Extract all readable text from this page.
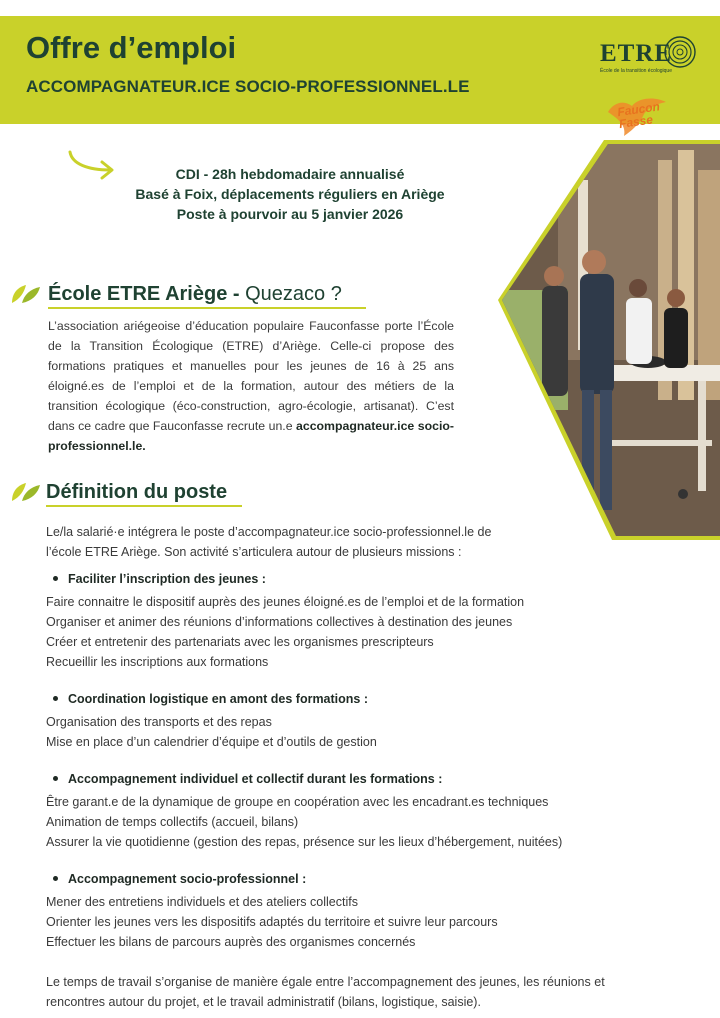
Offre d’emploi
ACCOMPAGNATEUR.ICE SOCIO-PROFESSIONNEL.LE
ETRE
École de la transition écologique
Faucon Fasse
CDI - 28h hebdomadaire annualisé
Basé à Foix, déplacements réguliers en Ariège
Poste à pourvoir au 5 janvier 2026
École ETRE Ariège - Quezaco ?
L’association ariégeoise d’éducation populaire Fauconfasse porte l’École de la Transition Écologique (ETRE) d’Ariège. Celle-ci propose des formations pratiques et manuelles pour les jeunes de 16 à 25 ans éloigné.es de l’emploi et de la formation, autour des métiers de la transition écologique (éco-construction, agro-écologie, artisanat). C’est dans ce cadre que Fauconfasse recrute un.e accompagnateur.ice socio-professionnel.le.
Définition du poste
Le/la salarié·e intégrera le poste d’accompagnateur.ice socio-professionnel.le de
l’école ETRE Ariège. Son activité s’articulera autour de plusieurs missions :
Faciliter l’inscription des jeunes :
Faire connaitre le dispositif auprès des jeunes éloigné.es de l’emploi et de la formation
Organiser et animer des réunions d’informations collectives à destination des jeunes
Créer et entretenir des partenariats avec les organismes prescripteurs
Recueillir les inscriptions aux formations
Coordination logistique en amont des formations :
Organisation des transports et des repas
Mise en place d’un calendrier d’équipe et d’outils de gestion
Accompagnement individuel et collectif durant les formations :
Être garant.e de la dynamique de groupe en coopération avec les encadrant.es techniques
Animation de temps collectifs (accueil, bilans)
Assurer la vie quotidienne (gestion des repas, présence sur les lieux d’hébergement, nuitées)
Accompagnement socio-professionnel :
Mener des entretiens individuels et des ateliers collectifs
Orienter les jeunes vers les dispositifs adaptés du territoire et suivre leur parcours
Effectuer les bilans de parcours auprès des organismes concernés
Le temps de travail s’organise de manière égale entre l’accompagnement des jeunes, les réunions et
rencontres autour du projet, et le travail administratif (bilans, logistique, saisie).
